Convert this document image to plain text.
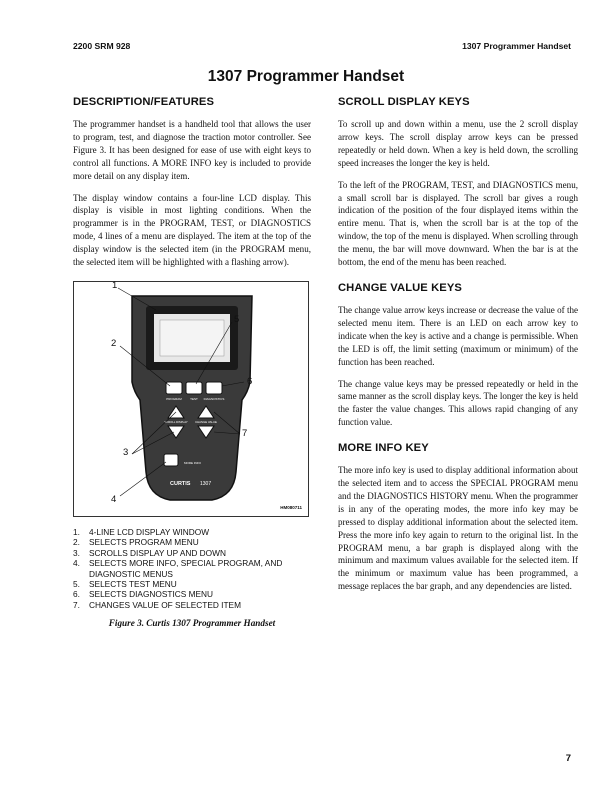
2200 SRM 928	1307 Programmer Handset
1307 Programmer Handset
DESCRIPTION/FEATURES

The programmer handset is a handheld tool that allows the user to program, test, and diagnose the traction motor controller. See Figure 3. It has been designed for ease of use with eight keys to control all functions. A MORE INFO key is included to provide more detail on any display item.

The display window contains a four-line LCD display. This display is visible in most lighting conditions. When the programmer is in the PROGRAM, TEST, or DIAGNOSTICS mode, 4 lines of a menu are displayed. The item at the top of the display window is the selected item (in the PROGRAM menu, the selected item will be highlighted with a flashing arrow).

PROGRAM	TEST DIAGNOSTICS
SCROLL DISPLAY	CHANGE VALUE
MORE INFO
CURTIS 1307
1
2
5
6
3
7
4
HM080711
1.	4-LINE LCD DISPLAY WINDOW
2.	SELECTS PROGRAM MENU
3.	SCROLLS DISPLAY UP AND DOWN
4.	SELECTS MORE INFO, SPECIAL PROGRAM, AND DIAGNOSTIC MENUS
5.	SELECTS TEST MENU
6.	SELECTS DIAGNOSTICS MENU
7.	CHANGES VALUE OF SELECTED ITEM
Figure 3. Curtis 1307 Programmer Handset
SCROLL DISPLAY KEYS

To scroll up and down within a menu, use the 2 scroll display arrow keys. The scroll display arrow keys can be pressed repeatedly or held down. When a key is held down, the scrolling speed increases the longer the key is held.

To the left of the PROGRAM, TEST, and DIAGNOSTICS menu, a small scroll bar is displayed. The scroll bar gives a rough indication of the position of the four displayed items within the entire menu. That is, when the scroll bar is at the top of the window, the top of the menu is displayed. When scrolling through the menu, the bar will move downward. When the bar is at the bottom, the end of the menu has been reached.

CHANGE VALUE KEYS

The change value arrow keys increase or decrease the value of the selected menu item. There is an LED on each arrow key to indicate when the key is active and a change is permissible. When the LED is off, the limit setting (maximum or minimum) of the function has been reached.

The change value keys may be pressed repeatedly or held in the same manner as the scroll display keys. The longer the key is held the faster the value changes. This allows rapid changing of any function value.

MORE INFO KEY

The more info key is used to display additional information about the selected item and to access the SPECIAL PROGRAM menu and the DIAGNOSTICS HISTORY menu. When the programmer is in any of the operating modes, the more info key may be pressed to display additional information about the selected item. Press the more info key again to return to the original list. In the PROGRAM menu, a bar graph is displayed along with the minimum and maximum values available for the selected item. If the minimum or maximum value has been programmed, a message replaces the bar graph, and any dependencies are listed.

7
